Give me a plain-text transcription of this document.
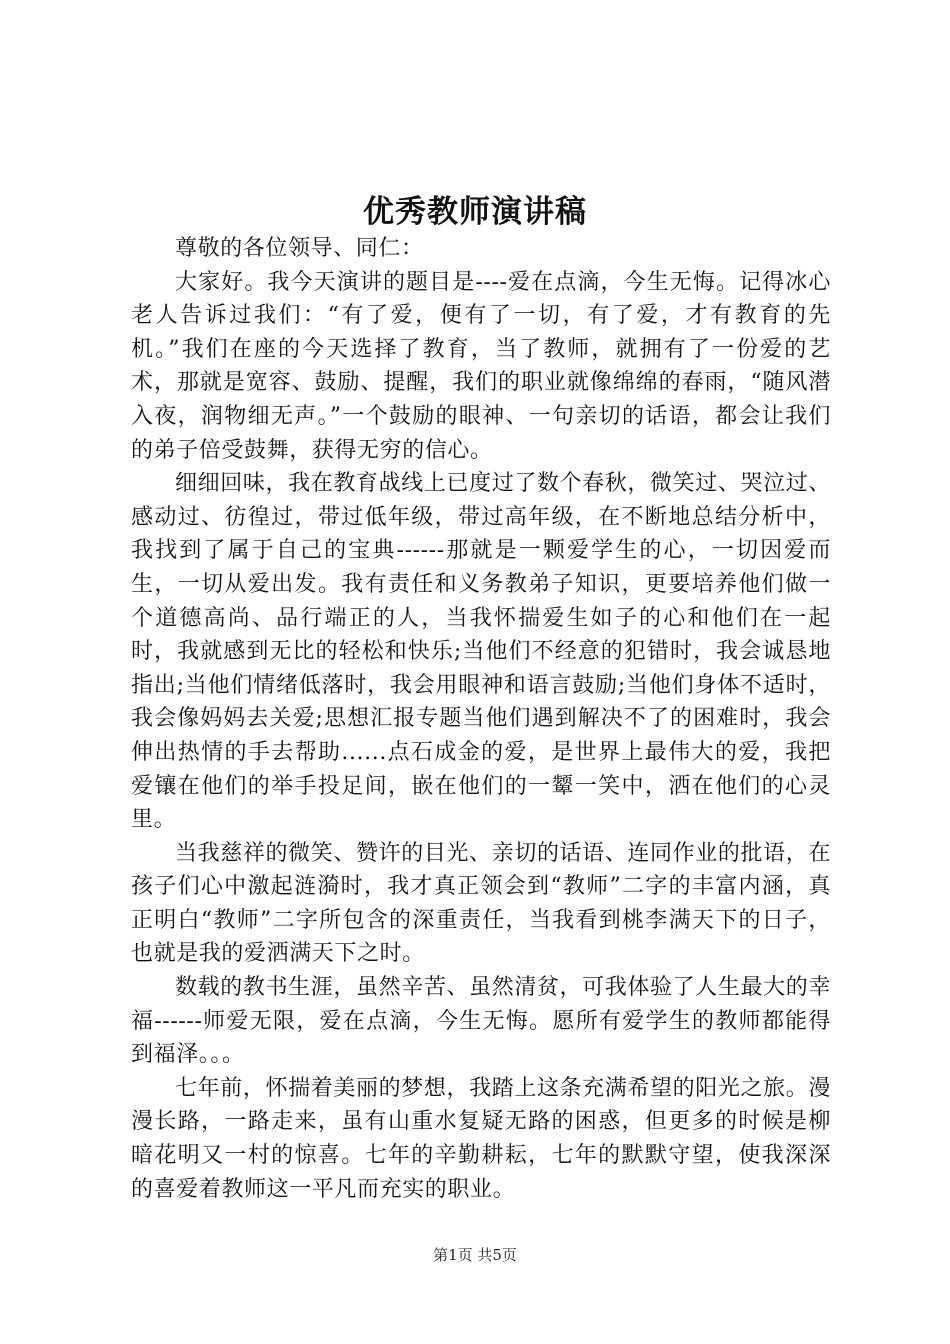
优秀教师演讲稿

尊敬的各位领导、同仁：

大家好。我今天演讲的题目是----爱在点滴，今生无悔。记得冰心老人告诉过我们：“有了爱，便有了一切，有了爱，才有教育的先机。”我们在座的今天选择了教育，当了教师，就拥有了一份爱的艺术，那就是宽容、鼓励、提醒，我们的职业就像绵绵的春雨，“随风潜入夜，润物细无声。”一个鼓励的眼神、一句亲切的话语，都会让我们的弟子倍受鼓舞，获得无穷的信心。

细细回味，我在教育战线上已度过了数个春秋，微笑过、哭泣过、感动过、彷徨过，带过低年级，带过高年级，在不断地总结分析中，我找到了属于自己的宝典------那就是一颗爱学生的心，一切因爱而生，一切从爱出发。我有责任和义务教弟子知识，更要培养他们做一个道德高尚、品行端正的人，当我怀揣爱生如子的心和他们在一起时，我就感到无比的轻松和快乐;当他们不经意的犯错时，我会诚恳地指出;当他们情绪低落时，我会用眼神和语言鼓励;当他们身体不适时，我会像妈妈去关爱;思想汇报专题当他们遇到解决不了的困难时，我会伸出热情的手去帮助......点石成金的爱，是世界上最伟大的爱，我把爱镶在他们的举手投足间，嵌在他们的一颦一笑中，洒在他们的心灵里。

当我慈祥的微笑、赞许的目光、亲切的话语、连同作业的批语，在孩子们心中激起涟漪时，我才真正领会到“教师”二字的丰富内涵，真正明白“教师”二字所包含的深重责任，当我看到桃李满天下的日子，也就是我的爱洒满天下之时。

数载的教书生涯，虽然辛苦、虽然清贫，可我体验了人生最大的幸福------师爱无限，爱在点滴，今生无悔。愿所有爱学生的教师都能得到福泽。。。

七年前，怀揣着美丽的梦想，我踏上这条充满希望的阳光之旅。漫漫长路，一路走来，虽有山重水复疑无路的困惑，但更多的时候是柳暗花明又一村的惊喜。七年的辛勤耕耘，七年的默默守望，使我深深的喜爱着教师这一平凡而充实的职业。

第1页 共5页
